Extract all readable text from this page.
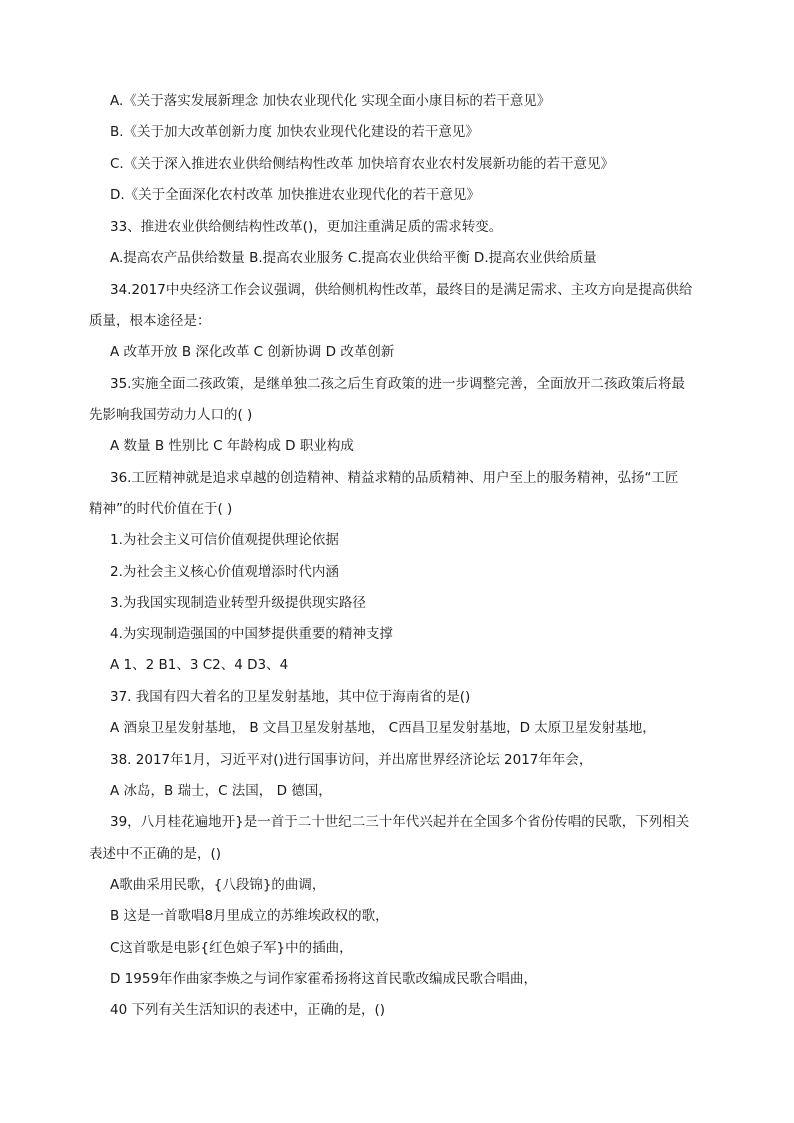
A.《关于落实发展新理念 加快农业现代化 实现全面小康目标的若干意见》
B.《关于加大改革创新力度 加快农业现代化建设的若干意见》
C.《关于深入推进农业供给侧结构性改革 加快培育农业农村发展新功能的若干意见》
D.《关于全面深化农村改革 加快推进农业现代化的若干意见》
33、推进农业供给侧结构性改革()，更加注重满足质的需求转变。
A.提高农产品供给数量 B.提高农业服务 C.提高农业供给平衡 D.提高农业供给质量
34.2017中央经济工作会议强调，供给侧机构性改革，最终目的是满足需求、主攻方向是提高供给
质量，根本途径是：
A 改革开放 B 深化改革 C 创新协调 D 改革创新
35.实施全面二孩政策，是继单独二孩之后生育政策的进一步调整完善，全面放开二孩政策后将最
先影响我国劳动力人口的( )
A 数量 B 性别比 C 年龄构成 D 职业构成
36.工匠精神就是追求卓越的创造精神、精益求精的品质精神、用户至上的服务精神，弘扬“工匠
精神”的时代价值在于( )
1.为社会主义可信价值观提供理论依据
2.为社会主义核心价值观增添时代内涵
3.为我国实现制造业转型升级提供现实路径
4.为实现制造强国的中国梦提供重要的精神支撑
A 1、2 B1、3 C2、4 D3、4
37. 我国有四大着名的卫星发射基地，其中位于海南省的是()
A 酒泉卫星发射基地， B 文昌卫星发射基地， C西昌卫星发射基地，D 太原卫星发射基地，
38. 2017年1月，习近平对()进行国事访问，并出席世界经济论坛 2017年年会，
A 冰岛，B 瑞士，C 法国， D 德国，
39，八月桂花遍地开}是一首于二十世纪二三十年代兴起并在全国多个省份传唱的民歌，下列相关
表述中不正确的是，()
A歌曲采用民歌，{八段锦}的曲调，
B 这是一首歌唱8月里成立的苏维埃政权的歌，
C这首歌是电影{红色娘子军}中的插曲，
D 1959年作曲家李焕之与词作家霍希扬将这首民歌改编成民歌合唱曲，
40 下列有关生活知识的表述中，正确的是，()
